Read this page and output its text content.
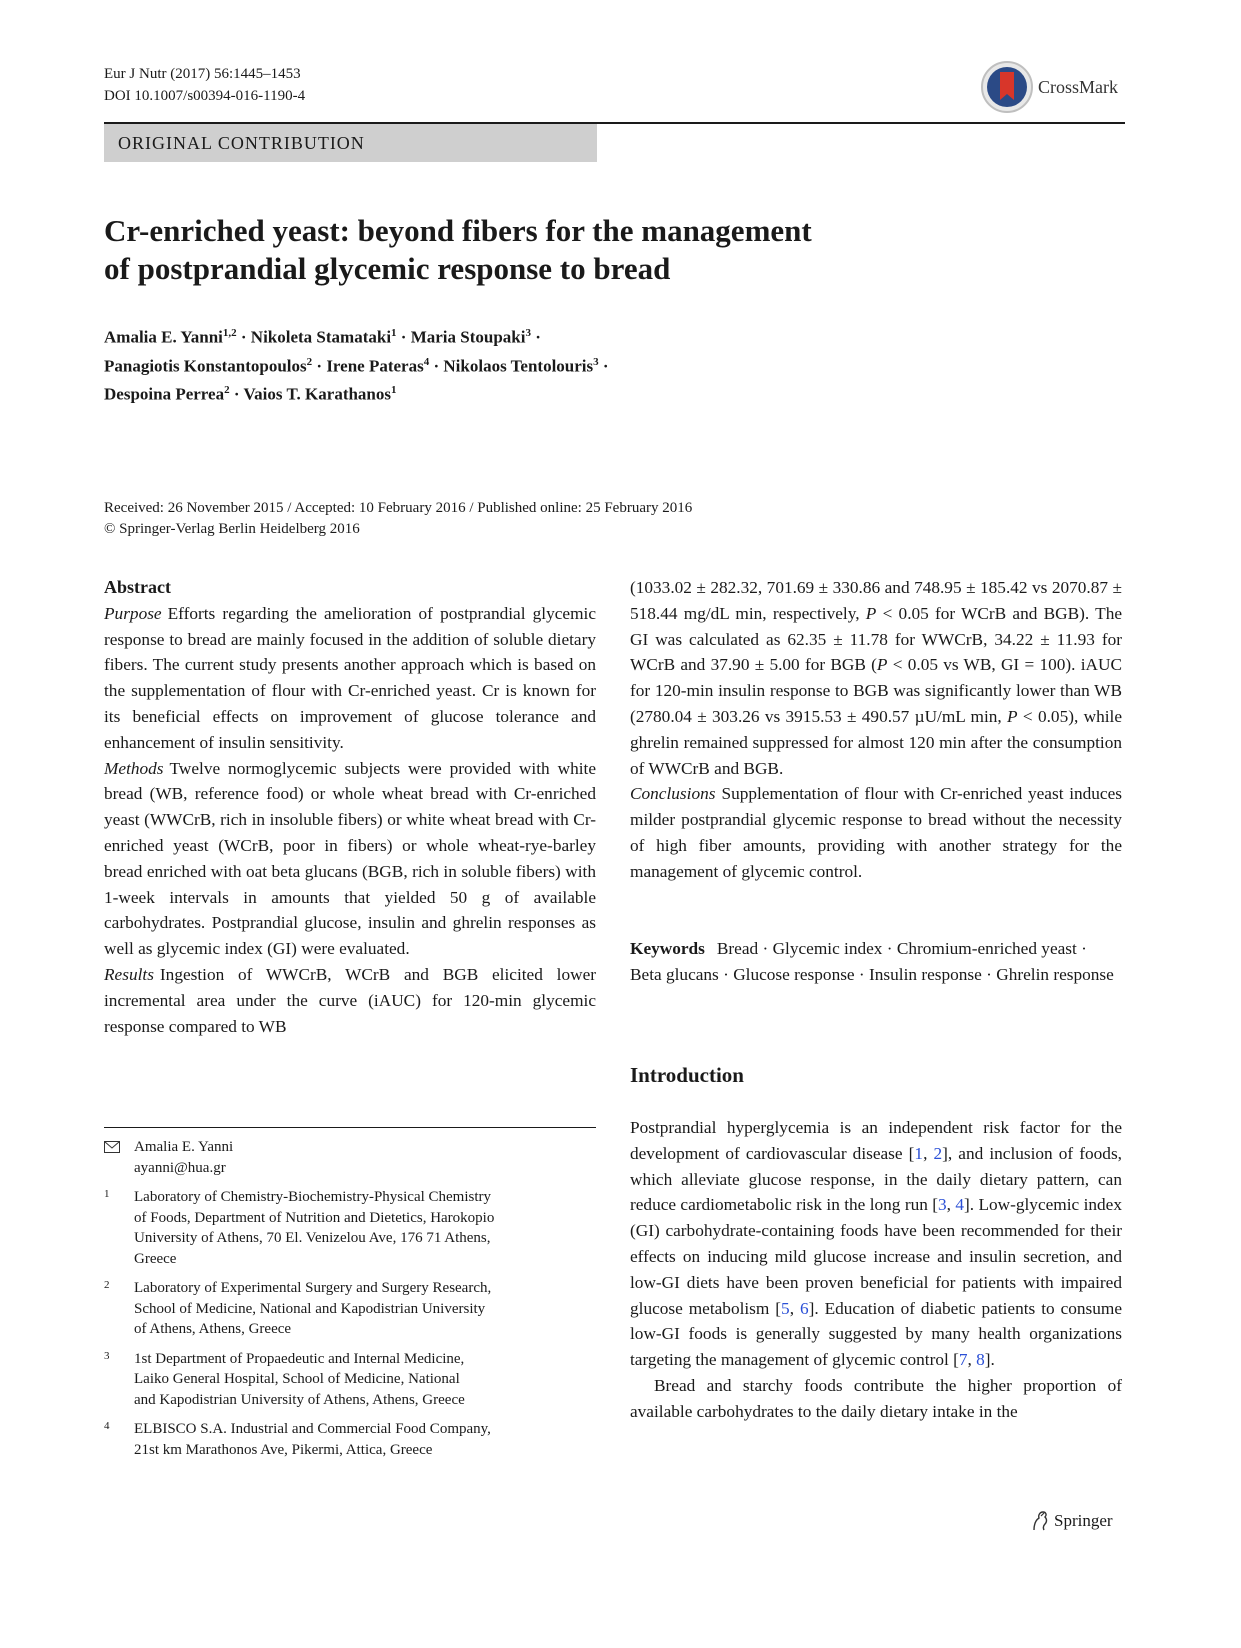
Eur J Nutr (2017) 56:1445–1453
DOI 10.1007/s00394-016-1190-4	CrossMark
ORIGINAL CONTRIBUTION
Cr-enriched yeast: beyond fibers for the management
of postprandial glycemic response to bread
Amalia E. Yanni$^{1,2}$ · Nikoleta Stamataki$^1$ · Maria Stoupaki$^3$ ·
Panagiotis Konstantopoulos$^2$ · Irene Pateras$^4$ · Nikolaos Tentolouris$^3$ ·
Despoina Perrea$^2$ · Vaios T. Karathanos$^1$
Received: 26 November 2015 / Accepted: 10 February 2016 / Published online: 25 February 2016
© Springer-Verlag Berlin Heidelberg 2016
Abstract

Purpose Efforts regarding the amelioration of postprandial glycemic response to bread are mainly focused in the addition of soluble dietary fibers. The current study presents another approach which is based on the supplementation of flour with Cr-enriched yeast. Cr is known for its beneficial effects on improvement of glucose tolerance and enhancement of insulin sensitivity.

Methods Twelve normoglycemic subjects were provided with white bread (WB, reference food) or whole wheat bread with Cr-enriched yeast (WWCrB, rich in insoluble fibers) or white wheat bread with Cr-enriched yeast (WCrB, poor in fibers) or whole wheat-rye-barley bread enriched with oat beta glucans (BGB, rich in soluble fibers) with 1-week intervals in amounts that yielded 50 g of available carbohydrates. Postprandial glucose, insulin and ghrelin responses as well as glycemic index (GI) were evaluated.

Results Ingestion of WWCrB, WCrB and BGB elicited lower incremental area under the curve (iAUC) for 120-min glycemic response compared to WB

Amalia E. Yanni
ayanni@hua.gr
1	Laboratory of Chemistry-Biochemistry-Physical Chemistry
of Foods, Department of Nutrition and Dietetics, Harokopio
University of Athens, 70 El. Venizelou Ave, 176 71 Athens,
Greece
2	Laboratory of Experimental Surgery and Surgery Research,
School of Medicine, National and Kapodistrian University
of Athens, Athens, Greece
3	1st Department of Propaedeutic and Internal Medicine,
Laiko General Hospital, School of Medicine, National
and Kapodistrian University of Athens, Athens, Greece
4	ELBISCO S.A. Industrial and Commercial Food Company,
21st km Marathonos Ave, Pikermi, Attica, Greece

(1033.02 ± 282.32, 701.69 ± 330.86 and 748.95 ± 185.42 vs 2070.87 ± 518.44 mg/dL min, respectively, P < 0.05 for WCrB and BGB). The GI was calculated as 62.35 ± 11.78 for WWCrB, 34.22 ± 11.93 for WCrB and 37.90 ± 5.00 for BGB (P < 0.05 vs WB, GI = 100). iAUC for 120-min insulin response to BGB was significantly lower than WB (2780.04 ± 303.26 vs 3915.53 ± 490.57 µU/mL min, P < 0.05), while ghrelin remained suppressed for almost 120 min after the consumption of WWCrB and BGB.

Conclusions Supplementation of flour with Cr-enriched yeast induces milder postprandial glycemic response to bread without the necessity of high fiber amounts, providing with another strategy for the management of glycemic control.

Keywords Bread · Glycemic index · Chromium-enriched yeast · Beta glucans · Glucose response · Insulin response · Ghrelin response
Introduction

Postprandial hyperglycemia is an independent risk factor for the development of cardiovascular disease [1, 2], and inclusion of foods, which alleviate glucose response, in the daily dietary pattern, can reduce cardiometabolic risk in the long run [3, 4]. Low-glycemic index (GI) carbohydrate-containing foods have been recommended for their effects on inducing mild glucose increase and insulin secretion, and low-GI diets have been proven beneficial for patients with impaired glucose metabolism [5, 6]. Education of diabetic patients to consume low-GI foods is generally suggested by many health organizations targeting the management of glycemic control [7, 8].

Bread and starchy foods contribute the higher proportion of available carbohydrates to the daily dietary intake in the

Springer
